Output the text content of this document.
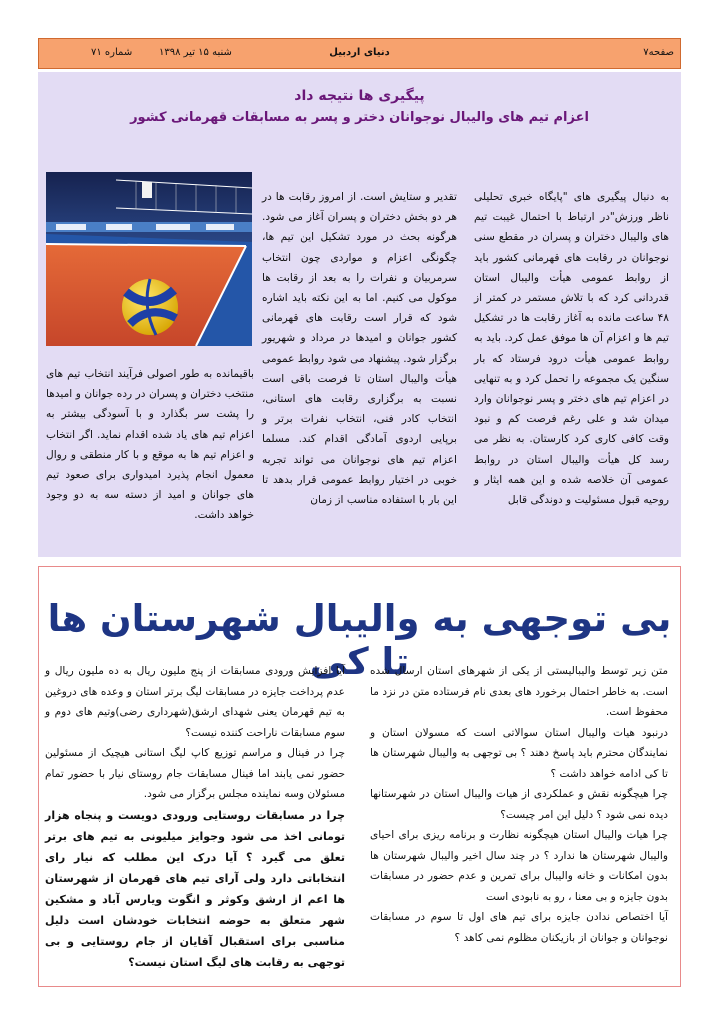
صفحه۷
دنیای اردبیل
شنبه ۱۵ تیر ۱۳۹۸
شماره ۷۱
پیگیری ها نتیجه داد
اعزام تیم های والیبال نوجوانان دختر و پسر به مسابقات قهرمانی کشور
به دنبال پیگیری های "پایگاه خبری تحلیلی ناظر ورزش"در ارتباط با احتمال غیبت تیم های والیبال دختران و پسران در مقطع سنی نوجوانان در رقابت های قهرمانی کشور باید از روابط عمومی هیأت والیبال استان قدردانی کرد که با تلاش مستمر در کمتر از ۴۸ ساعت مانده به آغاز رقابت ها در تشکیل تیم ها و اعزام آن ها موفق عمل کرد. باید به روابط عمومی هیأت درود فرستاد که بار سنگین یک مجموعه را تحمل کرد و به تنهایی در اعزام تیم های دختر و پسر نوجوانان وارد میدان شد و علی رغم فرصت کم و نبود وقت کافی کاری کرد کارستان. به نظر می رسد کل هیأت والیبال استان در روابط عمومی آن خلاصه شده و این همه ایثار و روحیه قبول مسئولیت و دوندگی قابل
تقدیر و ستایش است. از امروز رقابت ها در هر دو بخش دختران و پسران آغاز می شود. هرگونه بحث در مورد تشکیل این تیم ها، چگونگی اعزام و مواردی چون انتخاب سرمربیان و نفرات را به بعد از رقابت ها موکول می کنیم. اما به این نکته باید اشاره شود که قرار است رقابت های قهرمانی کشور جوانان و امیدها در مرداد و شهریور برگزار شود. پیشنهاد می شود روابط عمومی هیأت والیبال استان تا فرصت باقی است نسبت به برگزاری رقابت های استانی، انتخاب کادر فنی، انتخاب نفرات برتر و برپایی اردوی آمادگی اقدام کند. مسلما اعزام تیم های نوجوانان می تواند تجربه خوبی در اختیار روابط عمومی قرار بدهد تا این بار با استفاده مناسب از زمان
باقیمانده به طور اصولی فرآیند انتخاب تیم های منتخب دختران و پسران در رده جوانان و امیدها را پشت سر بگذارد و با آسودگی بیشتر به اعزام تیم های یاد شده اقدام نماید. اگر انتخاب و اعزام تیم ها به موقع و با کار منطقی و روال معمول انجام پذیرد امیدواری برای صعود تیم های جوانان و امید از دسته سه به دو وجود خواهد داشت.
بی توجهی به والیبال شهرستان ها تا کی

متن زیر توسط والیبالیستی از یکی از شهرهای استان ارسال شده است. به خاطر احتمال برخورد های بعدی نام فرستاده متن در نزد ما محفوظ است.

درنبود هیات والیبال استان سوالاتی است که مسولان استان و نمایندگان محترم باید پاسخ دهند ؟ بی توجهی به والیبال شهرستان ها تا کی ادامه خواهد داشت ؟

چرا هیچگونه نقش و عملکردی از هیات والیبال استان در شهرستانها دیده نمی شود ؟ دلیل این امر چیست؟

چرا هیات والیبال استان هیچگونه نظارت و برنامه ریزی برای احیای والیبال شهرستان ها ندارد ؟ در چند سال اخیر والیبال شهرستان ها بدون امکانات و خانه والیبال برای تمرین و عدم حضور در مسابقات بدون جایزه و بی معنا ، رو به نابودی است

آیا اختصاص ندادن جایزه برای تیم های اول تا سوم در مسابقات نوجوانان و جوانان از بازیکنان مظلوم نمی کاهد ؟

آیا افزایش ورودی مسابقات از پنج ملیون ریال به ده ملیون ریال و عدم پرداخت جایزه در مسابقات لیگ برتر استان و وعده های دروغین به تیم قهرمان یعنی شهدای ارشق(شهرداری رضی)وتیم های دوم و سوم مسابقات ناراحت کننده نیست؟

چرا در فینال و مراسم توزیع کاپ لیگ استانی هیچیک از مسئولین حضور نمی یابند اما فینال مسابقات جام روستای نیار با حضور تمام مسئولان وسه نماینده مجلس برگزار می شود.

چرا در مسابقات روستایی ورودی دویست و پنجاه هزار تومانی اخذ می شود وجوایز میلیونی به تیم های برتر تعلق می گیرد ؟ آیا درک این مطلب که نیار رای انتخاباتی دارد ولی آرای تیم های قهرمان از شهرستان ها اعم از ارشق وکوثر و انگوت ویارس آباد و مشکین شهر متعلق به حوضه انتخابات خودشان است دلیل مناسبی برای استقبال آقایان از جام روستایی و بی توجهی به رقابت های لیگ استان نیست؟
